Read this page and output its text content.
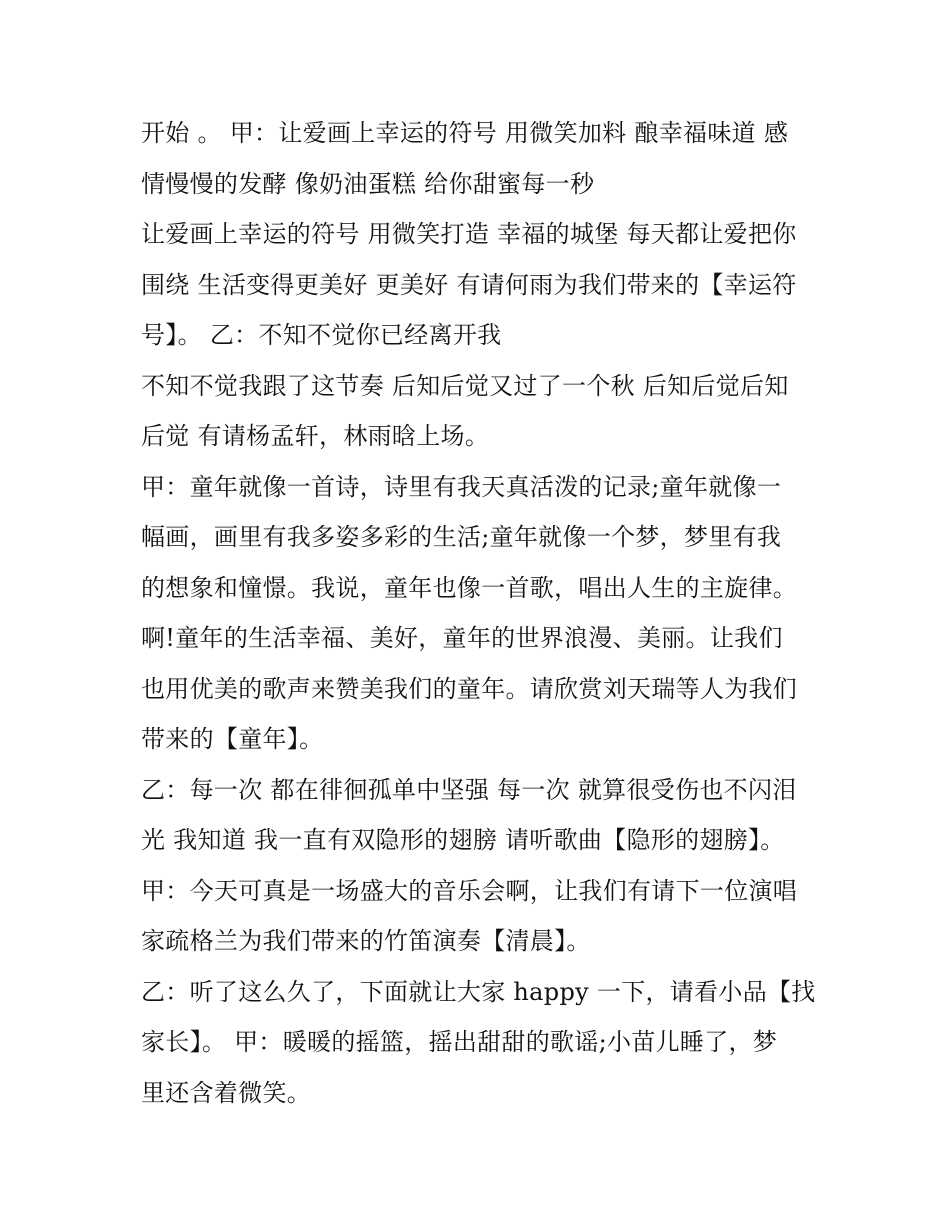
开始 。 甲：让爱画上幸运的符号 用微笑加料 酿幸福味道 感
情慢慢的发酵 像奶油蛋糕 给你甜蜜每一秒
让爱画上幸运的符号 用微笑打造 幸福的城堡 每天都让爱把你
围绕 生活变得更美好 更美好 有请何雨为我们带来的【幸运符
号】。 乙：不知不觉你已经离开我
不知不觉我跟了这节奏 后知后觉又过了一个秋 后知后觉后知
后觉 有请杨孟轩，林雨晗上场。
甲：童年就像一首诗，诗里有我天真活泼的记录;童年就像一
幅画，画里有我多姿多彩的生活;童年就像一个梦，梦里有我
的想象和憧憬。我说，童年也像一首歌，唱出人生的主旋律。
啊!童年的生活幸福、美好，童年的世界浪漫、美丽。让我们
也用优美的歌声来赞美我们的童年。请欣赏刘天瑞等人为我们
带来的【童年】。
乙：每一次 都在徘徊孤单中坚强 每一次 就算很受伤也不闪泪
光 我知道 我一直有双隐形的翅膀 请听歌曲【隐形的翅膀】。
甲：今天可真是一场盛大的音乐会啊，让我们有请下一位演唱
家疏格兰为我们带来的竹笛演奏【清晨】。
乙：听了这么久了，下面就让大家 happy 一下，请看小品【找
家长】。 甲：暖暖的摇篮，摇出甜甜的歌谣;小苗儿睡了，梦
里还含着微笑。
